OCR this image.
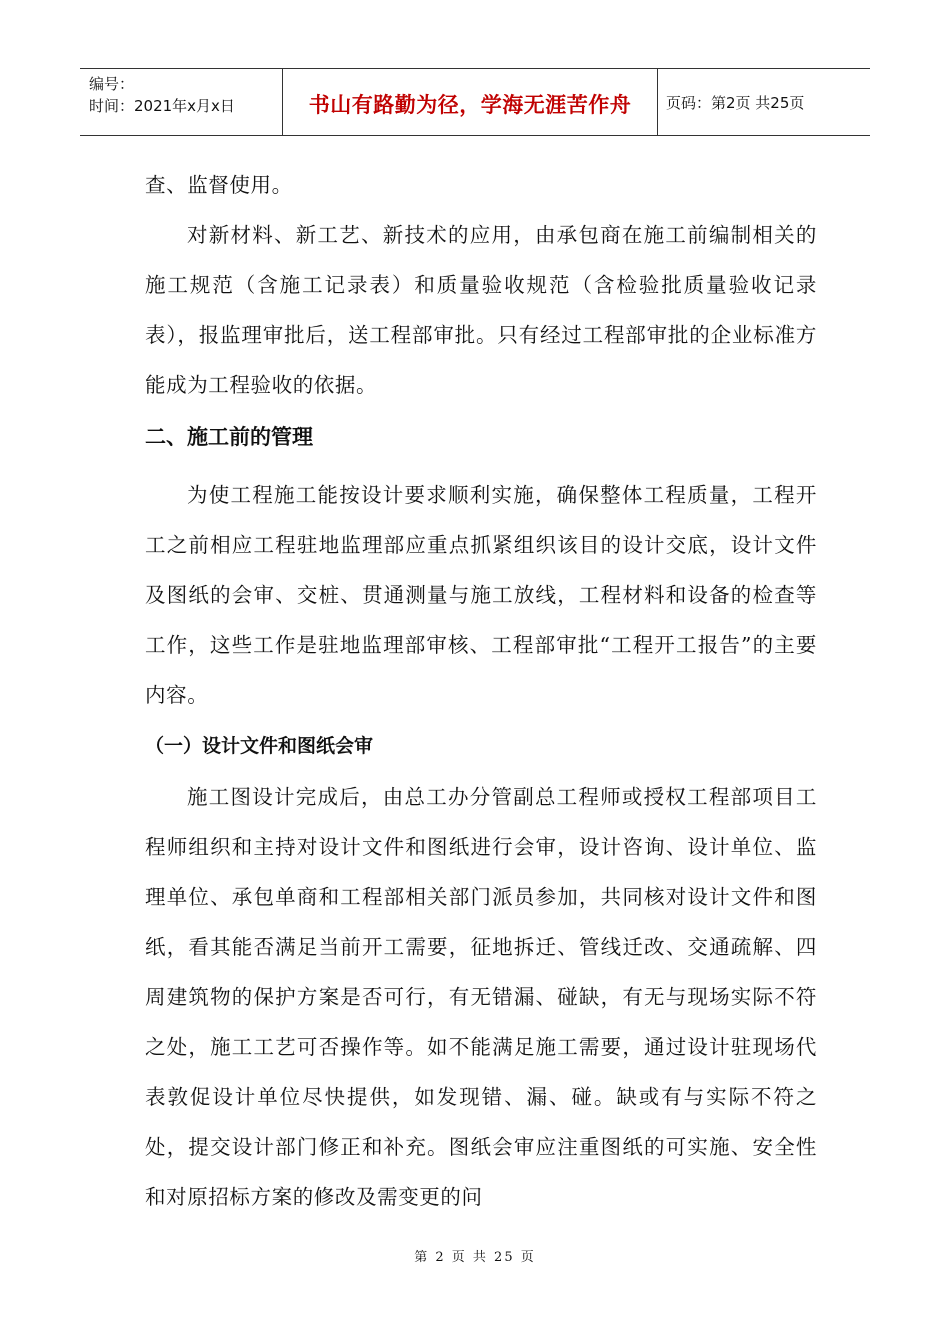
编号：
时间：2021年x月x日	书山有路勤为径，学海无涯苦作舟 页码：第2页 共25页

查、监督使用。

对新材料、新工艺、新技术的应用，由承包商在施工前编制相关的施工规范（含施工记录表）和质量验收规范（含检验批质量验收记录表），报监理审批后，送工程部审批。只有经过工程部审批的企业标准方能成为工程验收的依据。

二、施工前的管理

为使工程施工能按设计要求顺利实施，确保整体工程质量，工程开工之前相应工程驻地监理部应重点抓紧组织该目的设计交底，设计文件及图纸的会审、交桩、贯通测量与施工放线，工程材料和设备的检查等工作，这些工作是驻地监理部审核、工程部审批“工程开工报告”的主要内容。

（一）设计文件和图纸会审

施工图设计完成后，由总工办分管副总工程师或授权工程部项目工程师组织和主持对设计文件和图纸进行会审，设计咨询、设计单位、监理单位、承包单商和工程部相关部门派员参加，共同核对设计文件和图纸，看其能否满足当前开工需要，征地拆迁、管线迁改、交通疏解、四周建筑物的保护方案是否可行，有无错漏、碰缺，有无与现场实际不符之处，施工工艺可否操作等。如不能满足施工需要，通过设计驻现场代表敦促设计单位尽快提供，如发现错、漏、碰。缺或有与实际不符之处，提交设计部门修正和补充。图纸会审应注重图纸的可实施、安全性和对原招标方案的修改及需变更的问

第 2 页 共 25 页
